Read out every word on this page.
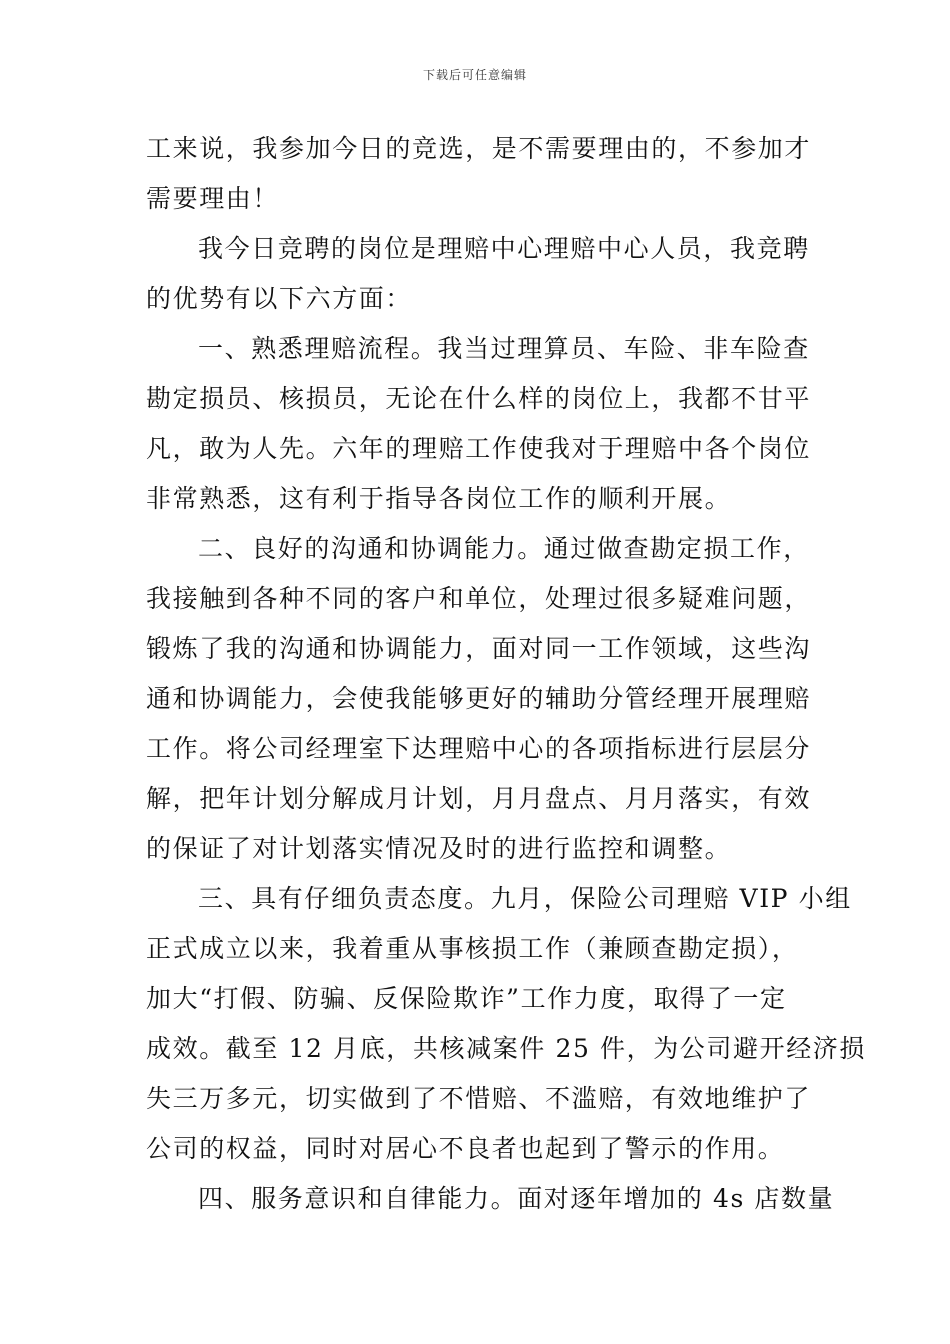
下载后可任意编辑
工来说，我参加今日的竞选，是不需要理由的，不参加才
需要理由！
我今日竞聘的岗位是理赔中心理赔中心人员，我竞聘
的优势有以下六方面：
一、熟悉理赔流程。我当过理算员、车险、非车险查
勘定损员、核损员，无论在什么样的岗位上，我都不甘平
凡，敢为人先。六年的理赔工作使我对于理赔中各个岗位
非常熟悉，这有利于指导各岗位工作的顺利开展。
二、良好的沟通和协调能力。通过做查勘定损工作，
我接触到各种不同的客户和单位，处理过很多疑难问题，
锻炼了我的沟通和协调能力，面对同一工作领域，这些沟
通和协调能力，会使我能够更好的辅助分管经理开展理赔
工作。将公司经理室下达理赔中心的各项指标进行层层分
解，把年计划分解成月计划，月月盘点、月月落实，有效
的保证了对计划落实情况及时的进行监控和调整。
三、具有仔细负责态度。九月，保险公司理赔 VIP 小组
正式成立以来，我着重从事核损工作（兼顾查勘定损），
加大“打假、防骗、反保险欺诈”工作力度，取得了一定
成效。截至 12 月底，共核减案件 25 件，为公司避开经济损
失三万多元，切实做到了不惜赔、不滥赔，有效地维护了
公司的权益，同时对居心不良者也起到了警示的作用。
四、服务意识和自律能力。面对逐年增加的 4s 店数量
